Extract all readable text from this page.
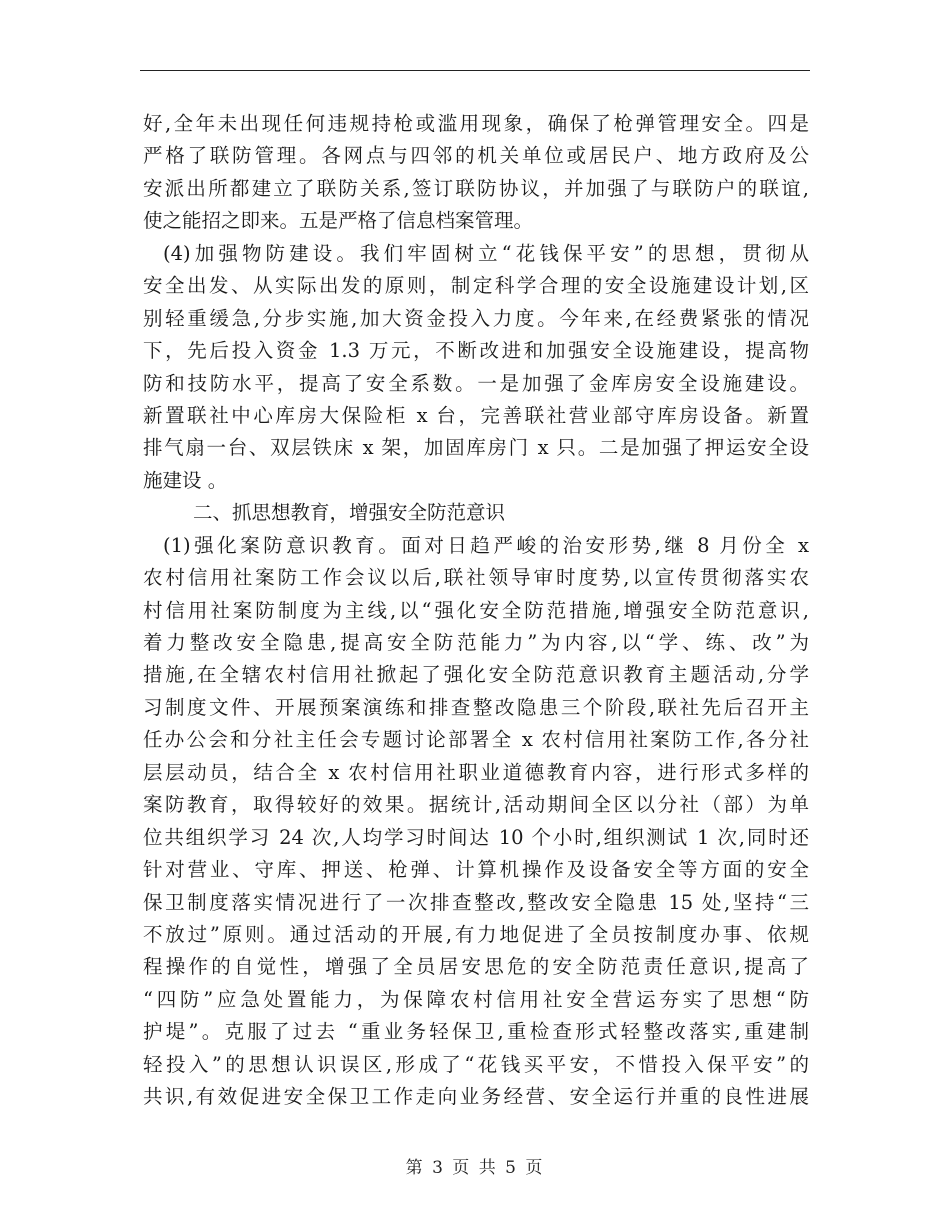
好,全年未出现任何违规持枪或滥用现象，确保了枪弹管理安全。四是
严格了联防管理。各网点与四邻的机关单位或居民户、地方政府及公
安派出所都建立了联防关系,签订联防协议，并加强了与联防户的联谊,
使之能招之即来。五是严格了信息档案管理。
(4)加强物防建设。我们牢固树立“花钱保平安”的思想，贯彻从
安全出发、从实际出发的原则，制定科学合理的安全设施建设计划,区
别轻重缓急,分步实施,加大资金投入力度。今年来,在经费紧张的情况
下，先后投入资金 1.3 万元，不断改进和加强安全设施建设，提高物
防和技防水平，提高了安全系数。一是加强了金库房安全设施建设。
新置联社中心库房大保险柜 x 台，完善联社营业部守库房设备。新置
排气扇一台、双层铁床 x 架，加固库房门 x 只。二是加强了押运安全设
施建设 。
二、抓思想教育，增强安全防范意识
(1)强化案防意识教育。面对日趋严峻的治安形势,继 8 月份全 x
农村信用社案防工作会议以后,联社领导审时度势,以宣传贯彻落实农
村信用社案防制度为主线,以“强化安全防范措施,增强安全防范意识,
着力整改安全隐患,提高安全防范能力”为内容,以“学、练、改”为
措施,在全辖农村信用社掀起了强化安全防范意识教育主题活动,分学
习制度文件、开展预案演练和排查整改隐患三个阶段,联社先后召开主
任办公会和分社主任会专题讨论部署全 x 农村信用社案防工作,各分社
层层动员，结合全 x 农村信用社职业道德教育内容，进行形式多样的
案防教育，取得较好的效果。据统计,活动期间全区以分社（部）为单
位共组织学习 24 次,人均学习时间达 10 个小时,组织测试 1 次,同时还
针对营业、守库、押送、枪弹、计算机操作及设备安全等方面的安全
保卫制度落实情况进行了一次排查整改,整改安全隐患 15 处,坚持“三
不放过”原则。通过活动的开展,有力地促进了全员按制度办事、依规
程操作的自觉性，增强了全员居安思危的安全防范责任意识,提高了
“四防”应急处置能力，为保障农村信用社安全营运夯实了思想“防
护堤”。克服了过去 “重业务轻保卫,重检查形式轻整改落实,重建制
轻投入”的思想认识误区,形成了“花钱买平安，不惜投入保平安”的
共识,有效促进安全保卫工作走向业务经营、安全运行并重的良性进展
第 3 页 共 5 页
